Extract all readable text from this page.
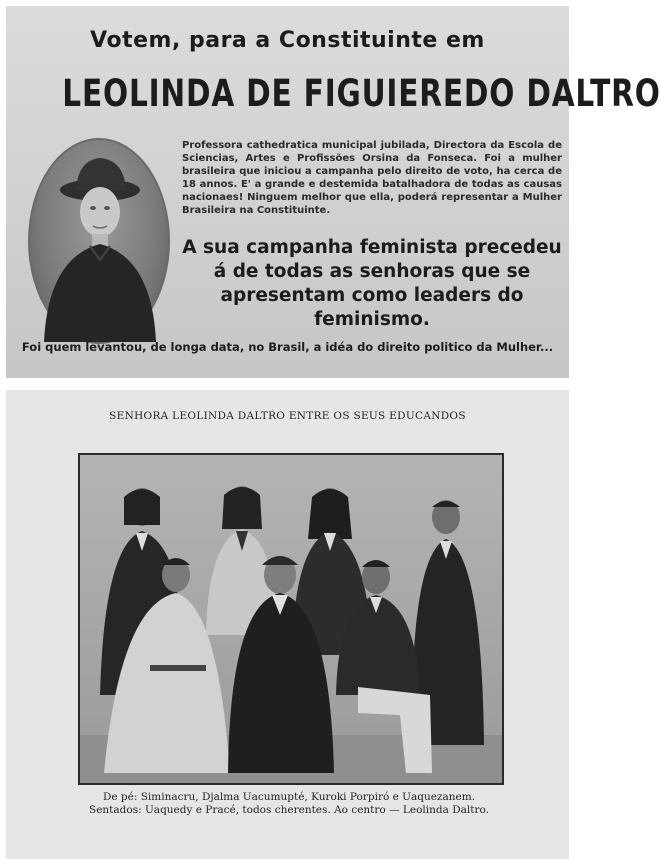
Votem, para a Constituinte em
LEOLINDA DE FIGUIEREDO DALTRO
Professora cathedratica municipal jubilada, Directora da Escola de Sciencias, Artes e Profissões Orsina da Fonseca. Foi a mulher brasileira que iniciou a campanha pelo direito de voto, ha cerca de 18 annos. E' a grande e destemida batalhadora de todas as causas nacionaes! Ninguem melhor que ella, poderá representar a Mulher Brasileira na Constituinte.
A sua campanha feminista precedeu á de todas as senhoras que se apresentam como leaders do feminismo.
Foi quem levantou, de longa data, no Brasil, a idéa do direito politico da Mulher...
SENHORA LEOLINDA DALTRO ENTRE OS SEUS EDUCANDOS
De pé: Siminacru, Djalma Uacumupté, Kuroki Porpiró e Uaquezanem. Sentados: Uaquedy e Pracé, todos cherentes. Ao centro — Leolinda Daltro.
